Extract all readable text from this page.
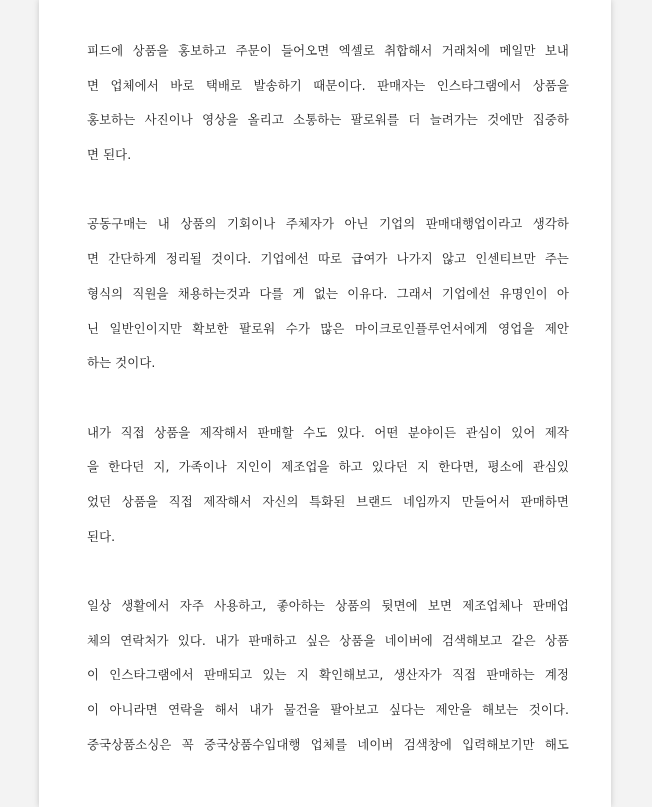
피드에 상품을 홍보하고 주문이 들어오면 엑셀로 취합해서 거래처에 메일만 보내
면 업체에서 바로 택배로 발송하기 때문이다. 판매자는 인스타그램에서 상품을
홍보하는 사진이나 영상을 올리고 소통하는 팔로워를 더 늘려가는 것에만 집중하
면 된다.
공동구매는 내 상품의 기회이나 주체자가 아닌 기업의 판매대행업이라고 생각하
면 간단하게 정리될 것이다. 기업에선 따로 급여가 나가지 않고 인센티브만 주는
형식의 직원을 채용하는것과 다를 게 없는 이유다. 그래서 기업에선 유명인이 아
닌 일반인이지만 확보한 팔로워 수가 많은 마이크로인플루언서에게 영업을 제안
하는 것이다.
내가 직접 상품을 제작해서 판매할 수도 있다. 어떤 분야이든 관심이 있어 제작
을 한다던 지, 가족이나 지인이 제조업을 하고 있다던 지 한다면, 평소에 관심있
었던 상품을 직접 제작해서 자신의 특화된 브랜드 네임까지 만들어서 판매하면
된다.
일상 생활에서 자주 사용하고, 좋아하는 상품의 뒷면에 보면 제조업체나 판매업
체의 연락처가 있다. 내가 판매하고 싶은 상품을 네이버에 검색해보고 같은 상품
이 인스타그램에서 판매되고 있는 지 확인해보고, 생산자가 직접 판매하는 계정
이 아니라면 연락을 해서 내가 물건을 팔아보고 싶다는 제안을 해보는 것이다.
중국상품소싱은 꼭 중국상품수입대행 업체를 네이버 검색창에 입력해보기만 해도
